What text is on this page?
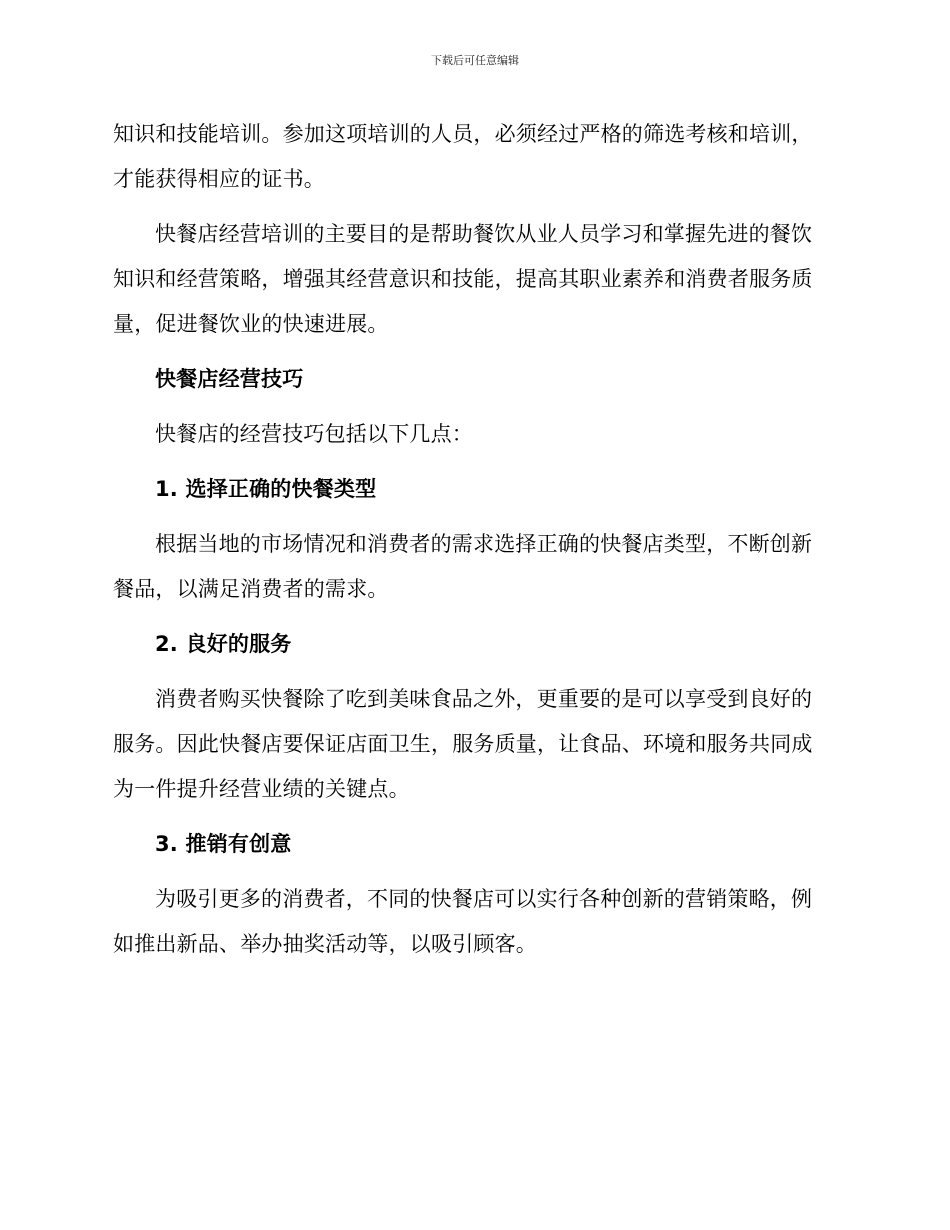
下载后可任意编辑

知识和技能培训。参加这项培训的人员，必须经过严格的筛选考核和培训，才能获得相应的证书。

快餐店经营培训的主要目的是帮助餐饮从业人员学习和掌握先进的餐饮知识和经营策略，增强其经营意识和技能，提高其职业素养和消费者服务质量，促进餐饮业的快速进展。

快餐店经营技巧

快餐店的经营技巧包括以下几点：

1. 选择正确的快餐类型

根据当地的市场情况和消费者的需求选择正确的快餐店类型，不断创新餐品，以满足消费者的需求。

2. 良好的服务

消费者购买快餐除了吃到美味食品之外，更重要的是可以享受到良好的服务。因此快餐店要保证店面卫生，服务质量，让食品、环境和服务共同成为一件提升经营业绩的关键点。

3. 推销有创意

为吸引更多的消费者，不同的快餐店可以实行各种创新的营销策略，例如推出新品、举办抽奖活动等，以吸引顾客。
